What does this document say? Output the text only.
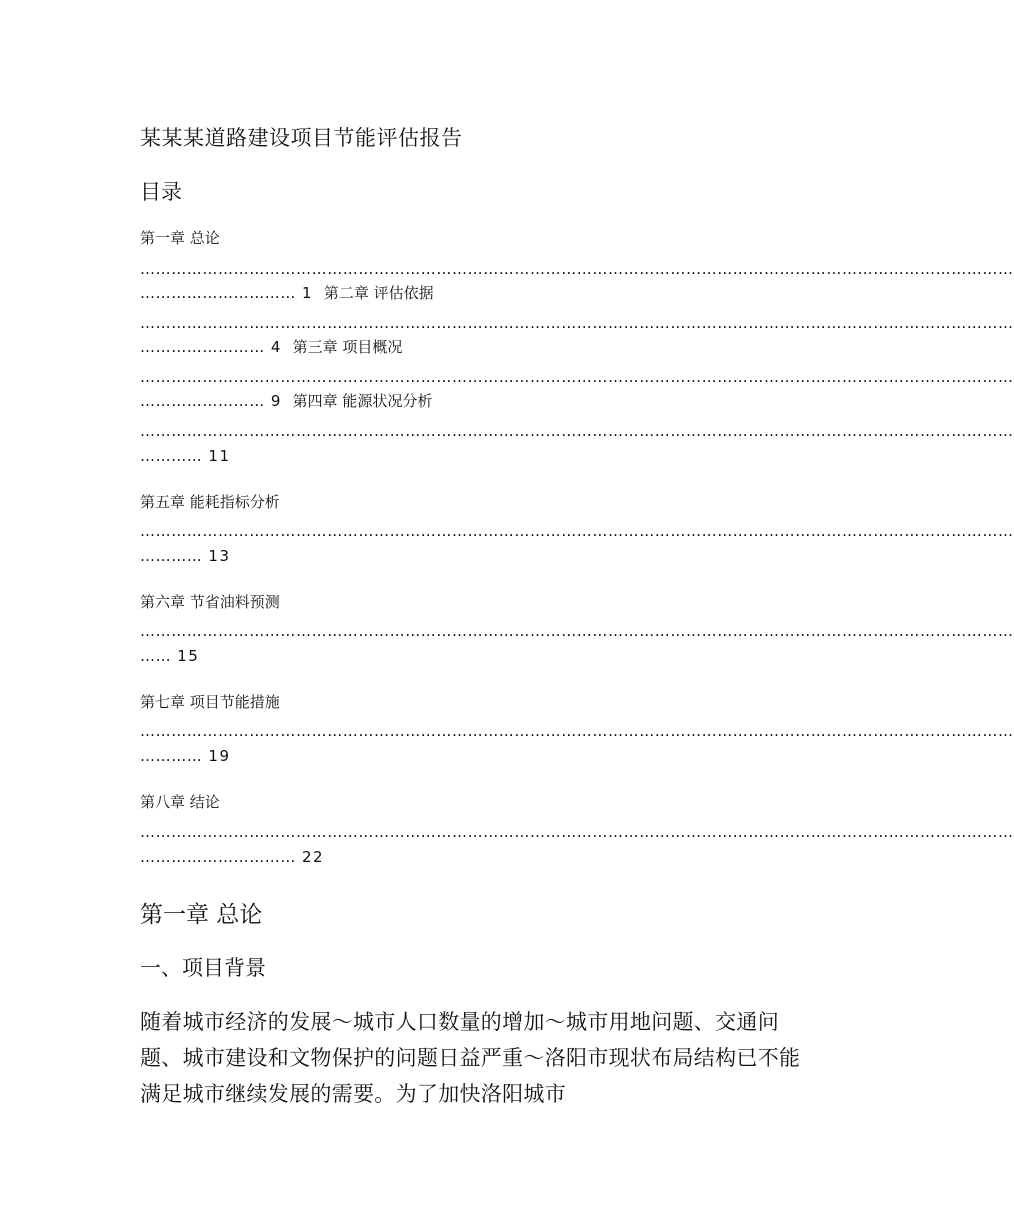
某某某道路建设项目节能评估报告
目录
第一章 总论
……………………………………………………………………………………………………………………………………………………
………………………… 1 第二章 评估依据
……………………………………………………………………………………………………………………………………………………
…………………… 4 第三章 项目概况
……………………………………………………………………………………………………………………………………………………
…………………… 9 第四章 能源状况分析
……………………………………………………………………………………………………………………………………………………
………… 11
第五章 能耗指标分析
……………………………………………………………………………………………………………………………………………………
………… 13
第六章 节省油料预测
……………………………………………………………………………………………………………………………………………………
…… 15
第七章 项目节能措施
……………………………………………………………………………………………………………………………………………………
………… 19
第八章 结论
……………………………………………………………………………………………………………………………………………………
………………………… 22
第一章 总论
一、项目背景
随着城市经济的发展～城市人口数量的增加～城市用地问题、交通问题、城市建设和文物保护的问题日益严重～洛阳市现状布局结构已不能满足城市继续发展的需要。为了加快洛阳城市
